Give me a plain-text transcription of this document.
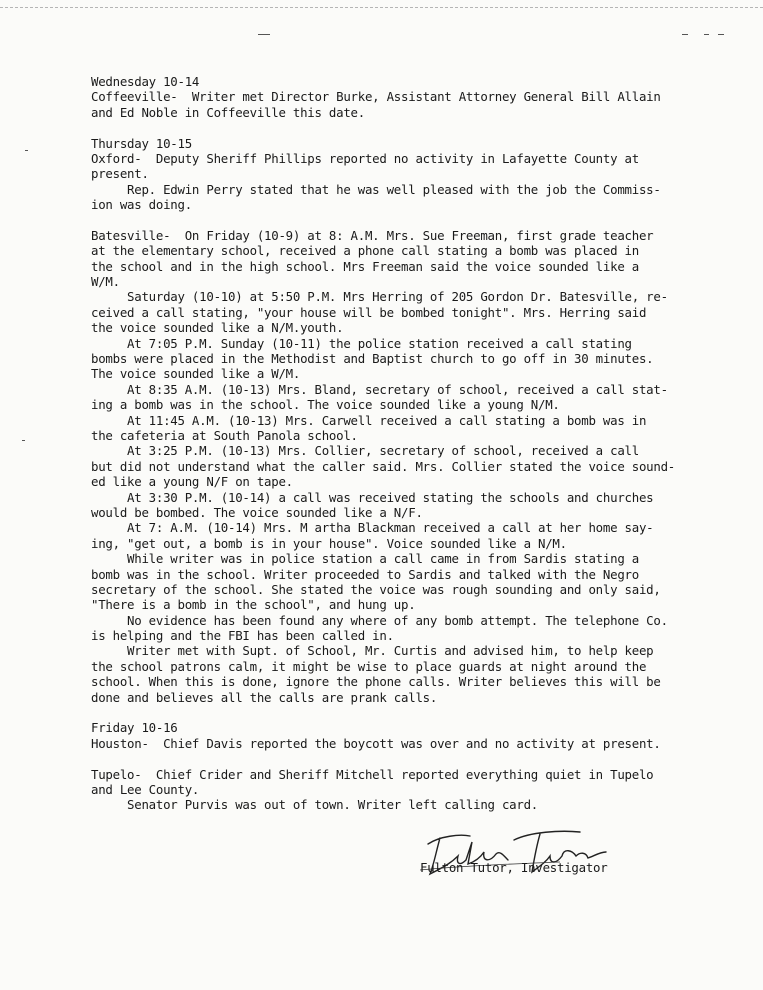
Wednesday 10-14
Coffeeville-  Writer met Director Burke, Assistant Attorney General Bill Allain
and Ed Noble in Coffeeville this date.
Thursday 10-15
Oxford-  Deputy Sheriff Phillips reported no activity in Lafayette County at
present.
Rep. Edwin Perry stated that he was well pleased with the job the Commiss-
ion was doing.
Batesville-  On Friday (10-9) at 8: A.M. Mrs. Sue Freeman, first grade teacher
at the elementary school, received a phone call stating a bomb was placed in
the school and in the high school. Mrs Freeman said the voice sounded like a
W/M.
Saturday (10-10) at 5:50 P.M. Mrs Herring of 205 Gordon Dr. Batesville, re-
ceived a call stating, "your house will be bombed tonight". Mrs. Herring said
the voice sounded like a N/M.youth.
At 7:05 P.M. Sunday (10-11) the police station received a call stating
bombs were placed in the Methodist and Baptist church to go off in 30 minutes.
The voice sounded like a W/M.
At 8:35 A.M. (10-13) Mrs. Bland, secretary of school, received a call stat-
ing a bomb was in the school. The voice sounded like a young N/M.
At 11:45 A.M. (10-13) Mrs. Carwell received a call stating a bomb was in
the cafeteria at South Panola school.
At 3:25 P.M. (10-13) Mrs. Collier, secretary of school, received a call
but did not understand what the caller said. Mrs. Collier stated the voice sound-
ed like a young N/F on tape.
At 3:30 P.M. (10-14) a call was received stating the schools and churches
would be bombed. The voice sounded like a N/F.
At 7: A.M. (10-14) Mrs. M artha Blackman received a call at her home say-
ing, "get out, a bomb is in your house". Voice sounded like a N/M.
While writer was in police station a call came in from Sardis stating a
bomb was in the school. Writer proceeded to Sardis and talked with the Negro
secretary of the school. She stated the voice was rough sounding and only said,
"There is a bomb in the school", and hung up.
No evidence has been found any where of any bomb attempt. The telephone Co.
is helping and the FBI has been called in.
Writer met with Supt. of School, Mr. Curtis and advised him, to help keep
the school patrons calm, it might be wise to place guards at night around the
school. When this is done, ignore the phone calls. Writer believes this will be
done and believes all the calls are prank calls.
Friday 10-16
Houston-  Chief Davis reported the boycott was over and no activity at present.
Tupelo-  Chief Crider and Sheriff Mitchell reported everything quiet in Tupelo
and Lee County.
Senator Purvis was out of town. Writer left calling card.
Fulton Tutor, Investigator
